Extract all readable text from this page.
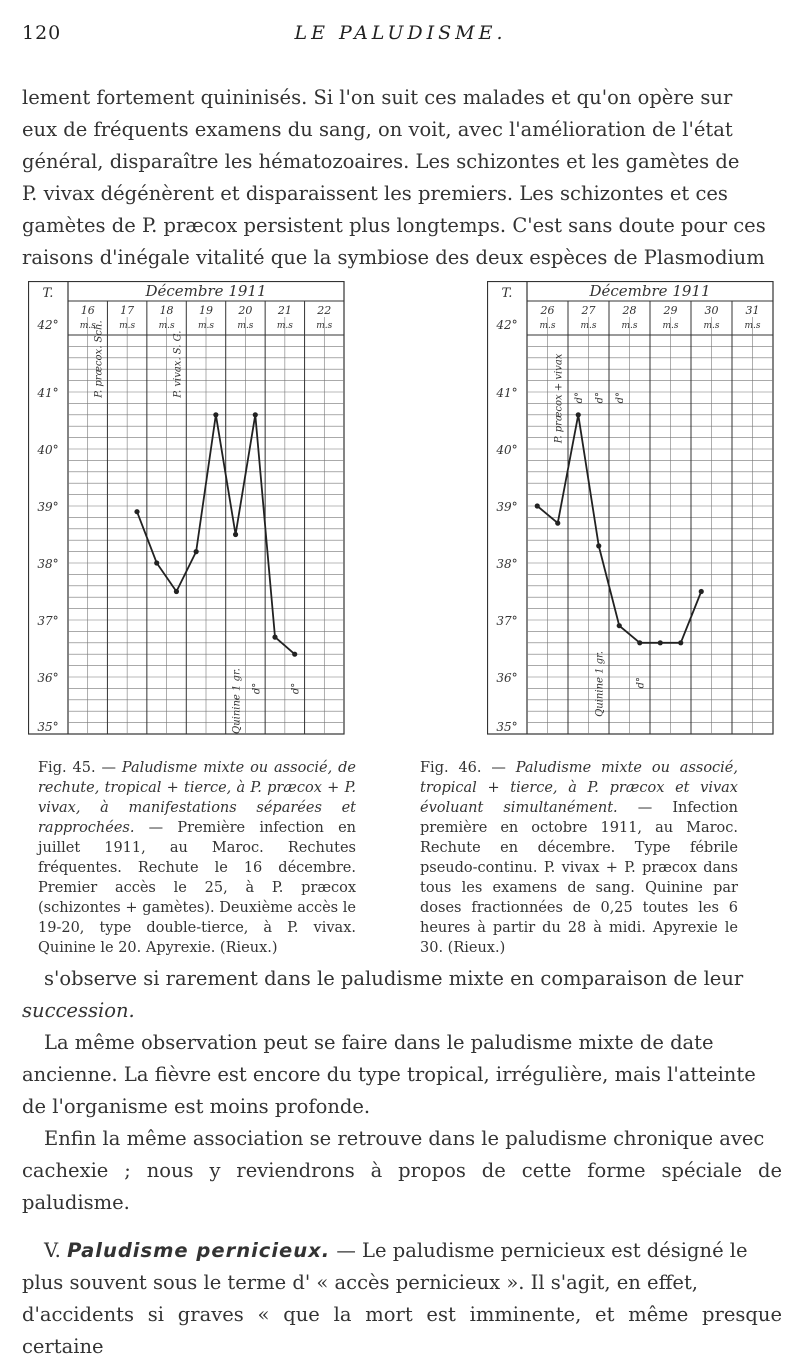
120	LE PALUDISME.

lement fortement quininisés. Si l'on suit ces malades et qu'on opère sur

eux de fréquents examens du sang, on voit, avec l'amélioration de l'état

général, disparaître les hématozoaires. Les schizontes et les gamètes de

P. vivax dégénèrent et disparaissent les premiers. Les schizontes et ces

gamètes de P. præcox persistent plus longtemps. C'est sans doute pour ces

raisons d'inégale vitalité que la symbiose des deux espèces de Plasmodium

Décembre 1911
T.
16
m.s
17
m.s
18
m.s
19
m.s
20
m.s
21
m.s
22
m.s
42°
41°
40°
39°
38°
37°
36°
35°
P. præcox. Sch.	P. vivax. S. G.
Quinine 1 gr. d°	d°
Décembre 1911
T.
26
m.s
27
m.s
28
m.s
29
m.s
30
m.s
31
m.s
42°
41°
40°
39°
38°
37°
36°
35°
P. præcox + vivax d° d° d°
Quinine 1 gr.	d°

Fig. 45. — Paludisme mixte ou associé, de rechute, tropical + tierce, à P. præcox + P. vivax, à manifestations séparées et rapprochées. — Première infection en juillet 1911, au Maroc. Rechutes fréquentes. Rechute le 16 décembre. Premier accès le 25, à P. præcox (schizontes + gamètes). Deuxième accès le 19-20, type double-tierce, à P. vivax. Quinine le 20. Apyrexie. (Rieux.)

Fig. 46. — Paludisme mixte ou associé, tropical + tierce, à P. præcox et vivax évoluant simultanément. — Infection première en octobre 1911, au Maroc. Rechute en décembre. Type fébrile pseudo-continu. P. vivax + P. præcox dans tous les examens de sang. Quinine par doses fractionnées de 0,25 toutes les 6 heures à partir du 28 à midi. Apyrexie le 30. (Rieux.)

s'observe si rarement dans le paludisme mixte en comparaison de leur

succession.

La même observation peut se faire dans le paludisme mixte de date

ancienne. La fièvre est encore du type tropical, irrégulière, mais l'atteinte

de l'organisme est moins profonde.

Enfin la même association se retrouve dans le paludisme chronique avec

cachexie ; nous y reviendrons à propos de cette forme spéciale de paludisme.

V. Paludisme pernicieux. — Le paludisme pernicieux est désigné le

plus souvent sous le terme d' « accès pernicieux ». Il s'agit, en effet,

d'accidents si graves « que la mort est imminente, et même presque certaine
